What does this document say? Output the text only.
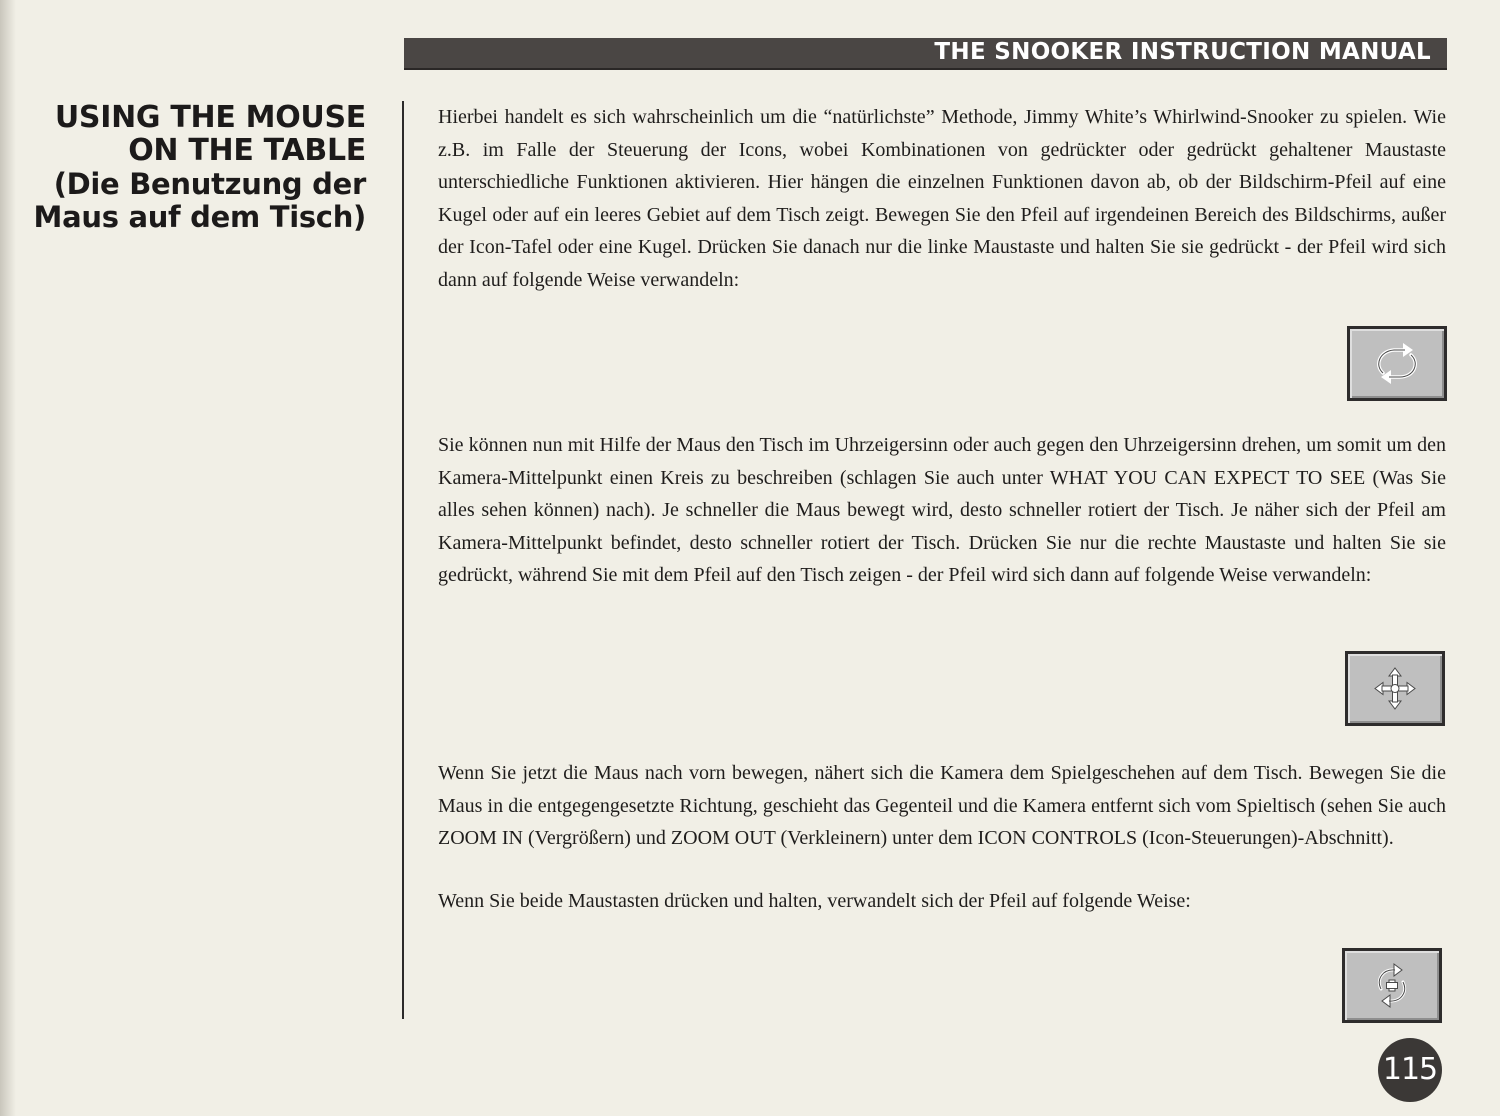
THE SNOOKER INSTRUCTION MANUAL
USING THE MOUSE
ON THE TABLE
(Die Benutzung der
Maus auf dem Tisch)

Hierbei handelt es sich wahrscheinlich um die “natürlichste” Methode, Jimmy White’s Whirlwind-Snooker zu spielen. Wie z.B. im Falle der Steuerung der Icons, wobei Kombinationen von gedrückter oder gedrückt gehaltener Maustaste unterschiedliche Funktionen aktivieren. Hier hängen die einzelnen Funktionen davon ab, ob der Bildschirm-Pfeil auf eine Kugel oder auf ein leeres Gebiet auf dem Tisch zeigt. Bewegen Sie den Pfeil auf irgendeinen Bereich des Bildschirms, außer der Icon-Tafel oder eine Kugel. Drücken Sie danach nur die linke Maustaste und halten Sie sie gedrückt - der Pfeil wird sich dann auf folgende Weise verwandeln:

Sie können nun mit Hilfe der Maus den Tisch im Uhrzeigersinn oder auch gegen den Uhrzeigersinn drehen, um somit um den Kamera-Mittelpunkt einen Kreis zu beschreiben (schlagen Sie auch unter WHAT YOU CAN EXPECT TO SEE (Was Sie alles sehen können) nach). Je schneller die Maus bewegt wird, desto schneller rotiert der Tisch. Je näher sich der Pfeil am Kamera-Mittelpunkt befindet, desto schneller rotiert der Tisch. Drücken Sie nur die rechte Maustaste und halten Sie sie gedrückt, während Sie mit dem Pfeil auf den Tisch zeigen - der Pfeil wird sich dann auf folgende Weise verwandeln:

Wenn Sie jetzt die Maus nach vorn bewegen, nähert sich die Kamera dem Spielgeschehen auf dem Tisch. Bewegen Sie die Maus in die entgegengesetzte Richtung, geschieht das Gegenteil und die Kamera entfernt sich vom Spieltisch (sehen Sie auch ZOOM IN (Vergrößern) und ZOOM OUT (Verkleinern) unter dem ICON CONTROLS (Icon-Steuerungen)-Abschnitt).

Wenn Sie beide Maustasten drücken und halten, verwandelt sich der Pfeil auf folgende Weise:

115
